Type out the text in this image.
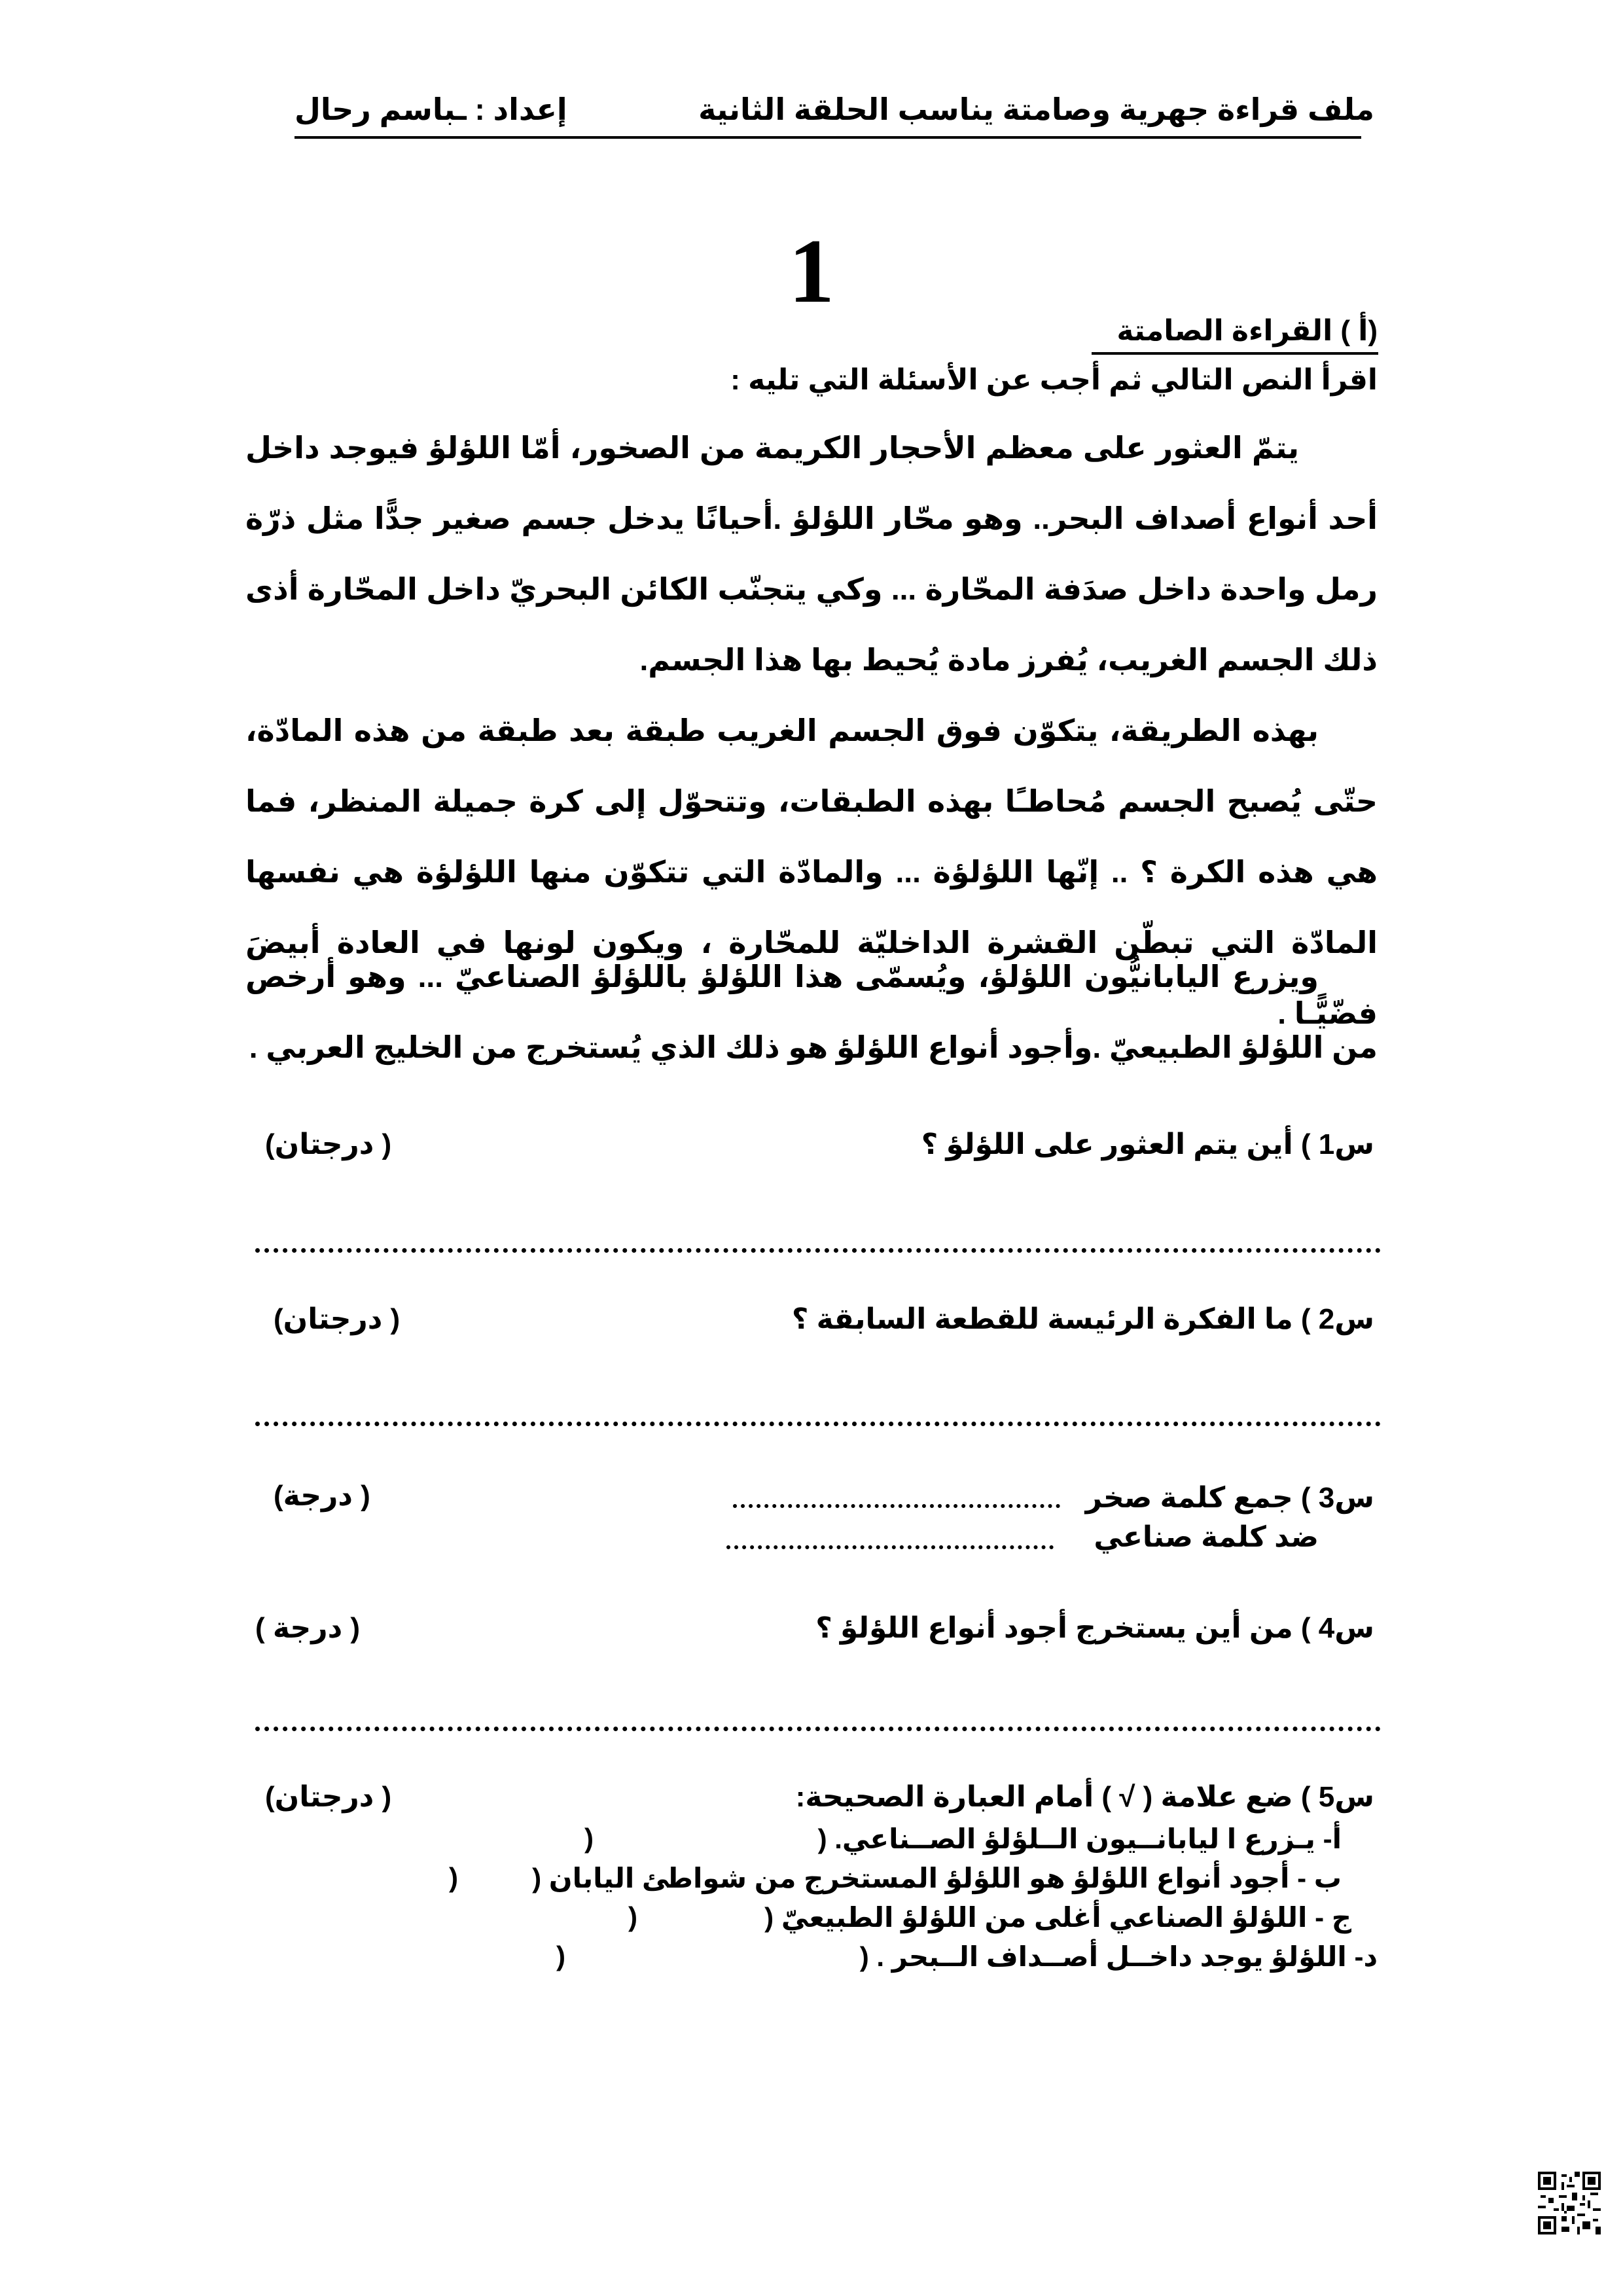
ملف قراءة جهرية وصامتة يناسب الحلقة الثانية
إعداد : ـباسم رحال
1
(أ ) القراءة الصامتة
اقرأ النص التالي ثم أجب عن الأسئلة التي تليه :
يتمّ العثور على معظم الأحجار الكريمة من الصخور، أمّا اللؤلؤ فيوجد داخل أحد أنواع أصداف البحر.. وهو محّار اللؤلؤ .أحيانًا يدخل جسم صغير جدًّا مثل ذرّة رمل واحدة داخل صدَفة المحّارة ... وكي يتجنّب الكائن البحريّ داخل المحّارة أذى ذلك الجسم الغريب، يُفرز مادة يُحيط بها هذا الجسم.
بهذه الطريقة، يتكوّن فوق الجسم الغريب طبقة بعد طبقة من هذه المادّة، حتّى يُصبح الجسم مُحاطـًا بهذه الطبقات، وتتحوّل إلى كرة جميلة المنظر، فما هي هذه الكرة ؟ .. إنّها اللؤلؤة ... والمادّة التي تتكوّن منها اللؤلؤة هي نفسها المادّة التي تبطّن القشرة الداخليّة للمحّارة ، ويكون لونها في العادة أبيضَ فضّيًّـا .
ويزرع اليابانيُّون اللؤلؤ، ويُسمّى هذا اللؤلؤ باللؤلؤ الصناعيّ ... وهو أرخص من اللؤلؤ الطبيعيّ .وأجود أنواع اللؤلؤ هو ذلك الذي يُستخرج من الخليج العربي .
س1 ) أين يتم العثور على اللؤلؤ ؟
( درجتان)
س2 ) ما الفكرة الرئيسة للقطعة السابقة ؟
( درجتان)
س3 ) جمع كلمة صخر
ضد كلمة صناعي
( درجة)
س4 ) من أين يستخرج أجود أنواع اللؤلؤ ؟
( درجة )
س5 ) ضع علامة ( √ ) أمام العبارة الصحيحة:
( درجتان)
أ- يـزرع ا ليابانــيون الــلؤلؤ الصــناعي. (
)
ب - أجود أنواع اللؤلؤ هو اللؤلؤ المستخرج من شواطئ اليابان (
)
ج - اللؤلؤ الصناعي أغلى من اللؤلؤ الطبيعيّ (
)
د- اللؤلؤ يوجد داخــل أصــداف الــبحر . (
)
